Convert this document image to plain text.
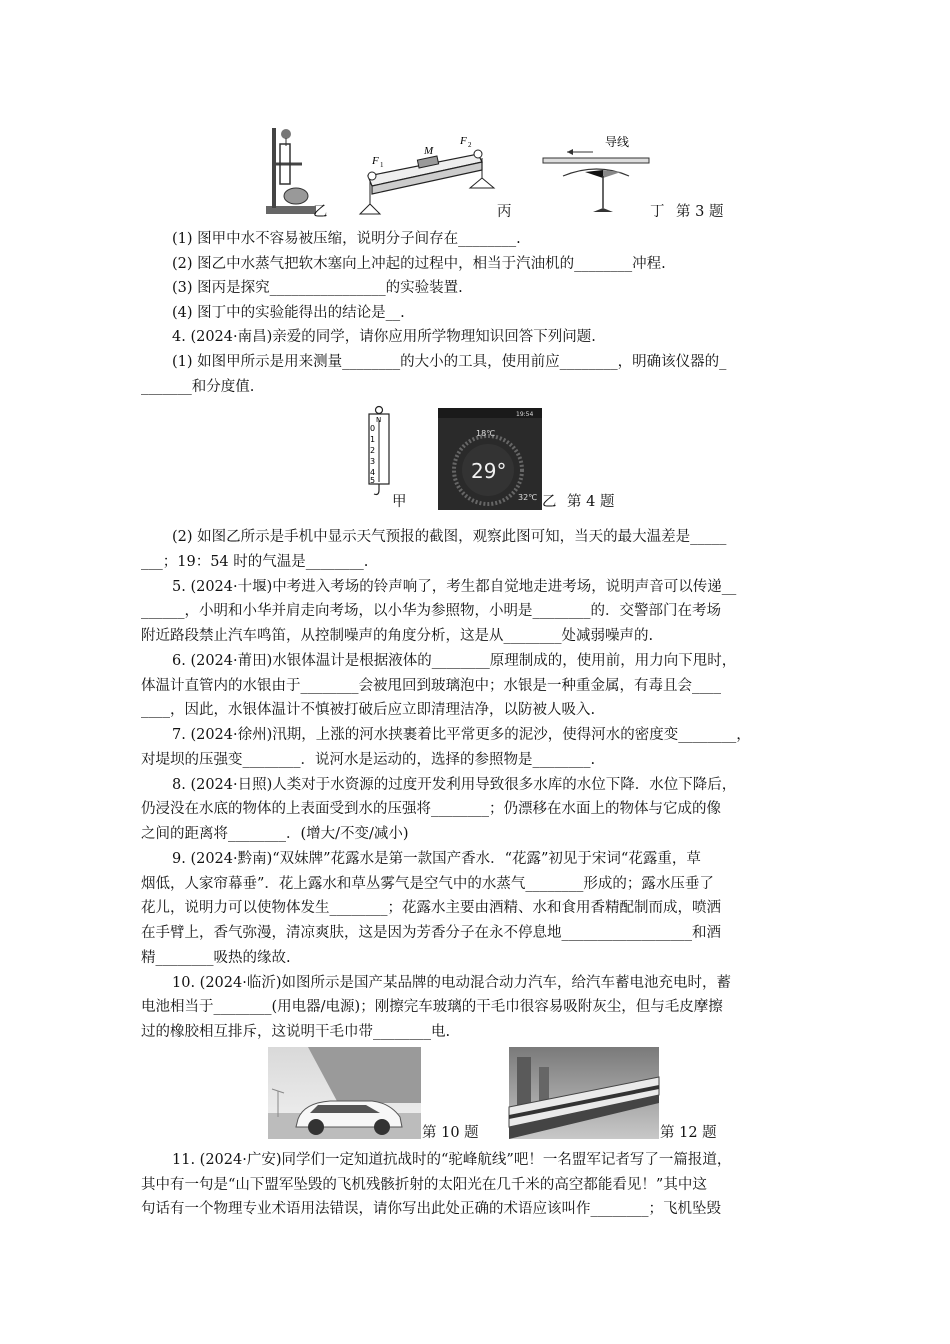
乙
M
F 1
F 2
丙
导线
丁 第 3 题
(1) 图甲中水不容易被压缩，说明分子间存在________.
(2) 图乙中水蒸气把软木塞向上冲起的过程中，相当于汽油机的________冲程.
(3) 图丙是探究________________的实验装置.
(4) 图丁中的实验能得出的结论是__.
4. (2024·南昌)亲爱的同学，请你应用所学物理知识回答下列问题.
(1) 如图甲所示是用来测量________的大小的工具，使用前应________，明确该仪器的_
_______和分度值.
N
0
1
2
3
4
5
甲
19:54
29°
18℃
32℃ 乙 第 4 题
(2) 如图乙所示是手机中显示天气预报的截图，观察此图可知，当天的最大温差是_____
___；19：54 时的气温是________.
5. (2024·十堰)中考进入考场的铃声响了，考生都自觉地走进考场，说明声音可以传递__
______，小明和小华并肩走向考场，以小华为参照物，小明是________的．交警部门在考场
附近路段禁止汽车鸣笛，从控制噪声的角度分析，这是从________处减弱噪声的.
6. (2024·莆田)水银体温计是根据液体的________原理制成的，使用前，用力向下甩时，
体温计直管内的水银由于________会被甩回到玻璃泡中；水银是一种重金属，有毒且会____
____，因此，水银体温计不慎被打破后应立即清理洁净，以防被人吸入.
7. (2024·徐州)汛期，上涨的河水挟裹着比平常更多的泥沙，使得河水的密度变________，
对堤坝的压强变________．说河水是运动的，选择的参照物是________.
8. (2024·日照)人类对于水资源的过度开发利用导致很多水库的水位下降．水位下降后，
仍浸没在水底的物体的上表面受到水的压强将________；仍漂移在水面上的物体与它成的像
之间的距离将________．(增大/不变/减小)
9. (2024·黔南)“双妹牌”花露水是第一款国产香水．“花露”初见于宋词“花露重，草
烟低，人家帘幕垂”．花上露水和草丛雾气是空气中的水蒸气________形成的；露水压垂了
花儿，说明力可以使物体发生________；花露水主要由酒精、水和食用香精配制而成，喷洒
在手臂上，香气弥漫，清凉爽肤，这是因为芳香分子在永不停息地__________________和酒
精________吸热的缘故.
10. (2024·临沂)如图所示是国产某品牌的电动混合动力汽车，给汽车蓄电池充电时，蓄
电池相当于________(用电器/电源)；刚擦完车玻璃的干毛巾很容易吸附灰尘，但与毛皮摩擦
过的橡胶相互排斥，这说明干毛巾带________电.
第 10 题	第 12 题
11. (2024·广安)同学们一定知道抗战时的“驼峰航线”吧！一名盟军记者写了一篇报道，
其中有一句是“山下盟军坠毁的飞机残骸折射的太阳光在几千米的高空都能看见！”其中这
句话有一个物理专业术语用法错误，请你写出此处正确的术语应该叫作________；飞机坠毁
